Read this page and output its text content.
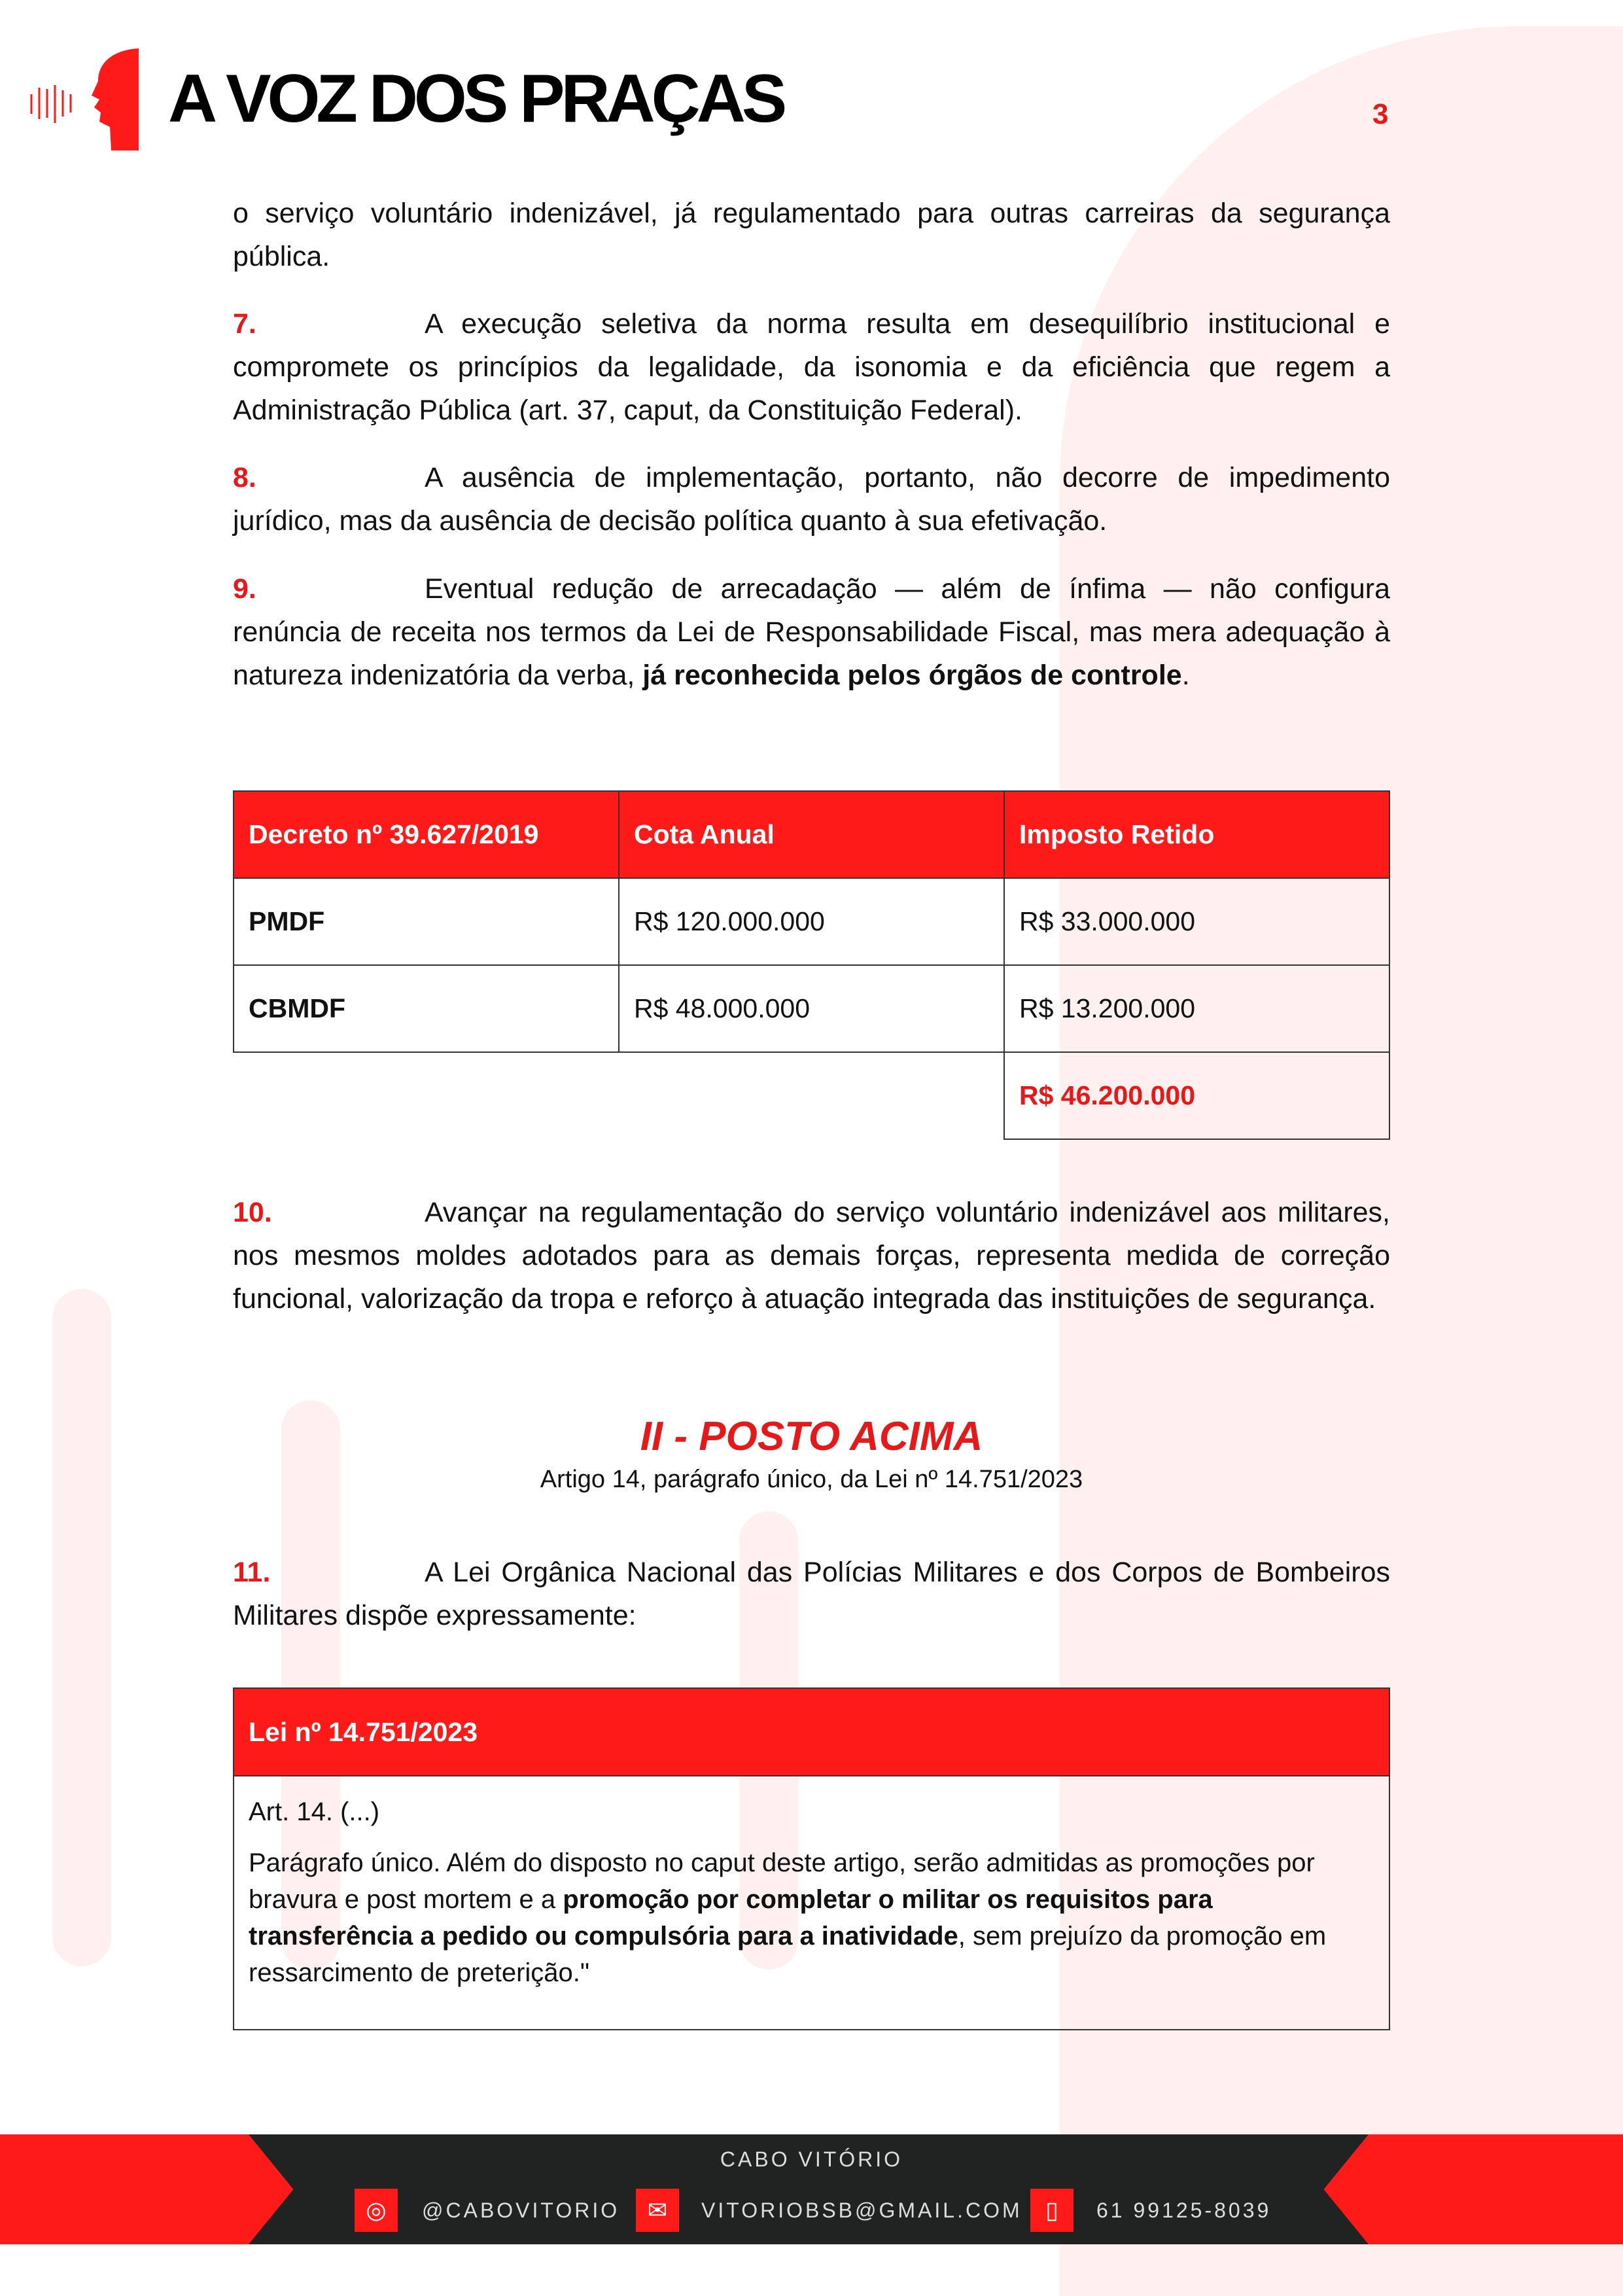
A VOZ DOS PRAÇAS	3
o serviço voluntário indenizável, já regulamentado para outras carreiras da segurança pública.
7.	A execução seletiva da norma resulta em desequilíbrio institucional e compromete os princípios da legalidade, da isonomia e da eficiência que regem a Administração Pública (art. 37, caput, da Constituição Federal).
8.	A ausência de implementação, portanto, não decorre de impedimento jurídico, mas da ausência de decisão política quanto à sua efetivação.
9.	Eventual redução de arrecadação — além de ínfima — não configura renúncia de receita nos termos da Lei de Responsabilidade Fiscal, mas mera adequação à natureza indenizatória da verba, já reconhecida pelos órgãos de controle.
Decreto nº 39.627/2019	Cota Anual	Imposto Retido
PMDF	R$ 120.000.000	R$ 33.000.000
CBMDF	R$ 48.000.000	R$ 13.200.000
		R$ 46.200.000
10.	Avançar na regulamentação do serviço voluntário indenizável aos militares, nos mesmos moldes adotados para as demais forças, representa medida de correção funcional, valorização da tropa e reforço à atuação integrada das instituições de segurança.
II - POSTO ACIMA
Artigo 14, parágrafo único, da Lei nº 14.751/2023
11.	A Lei Orgânica Nacional das Polícias Militares e dos Corpos de Bombeiros Militares dispõe expressamente:
Lei nº 14.751/2023

Art. 14. (...)

Parágrafo único. Além do disposto no caput deste artigo, serão admitidas as promoções por bravura e post mortem e a promoção por completar o militar os requisitos para transferência a pedido ou compulsória para a inatividade, sem prejuízo da promoção em ressarcimento de preterição."

CABO VITÓRIO
◎	@CABOVITORIO	✉	VITORIOBSB@GMAIL.COM ▯	61 99125-8039
